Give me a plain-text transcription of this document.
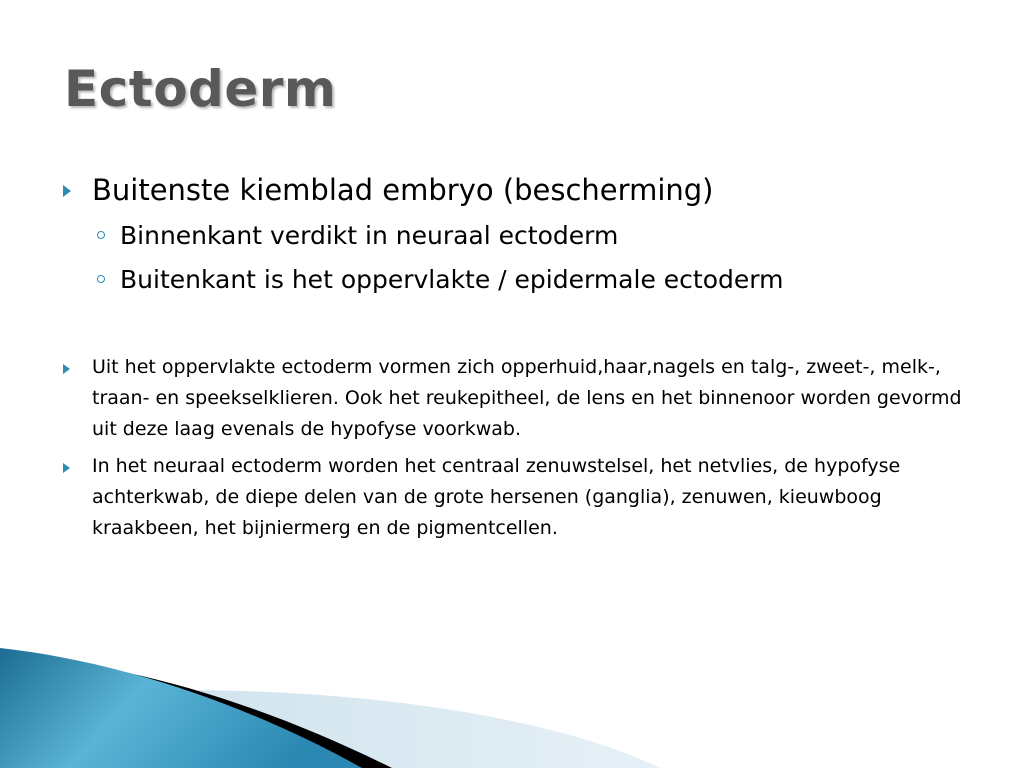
Ectoderm
Buitenste kiemblad embryo (bescherming)
Binnenkant verdikt in neuraal ectoderm
Buitenkant is het oppervlakte / epidermale ectoderm
Uit het oppervlakte ectoderm vormen zich opperhuid,haar,nagels en talg-, zweet-, melk-, traan- en speekselklieren. Ook het reukepitheel, de lens en het binnenoor worden gevormd uit deze laag evenals de hypofyse voorkwab.
In het neuraal ectoderm worden het centraal zenuwstelsel, het netvlies, de hypofyse achterkwab, de diepe delen van de grote hersenen (ganglia), zenuwen, kieuwboog kraakbeen, het bijniermerg en de pigmentcellen.
